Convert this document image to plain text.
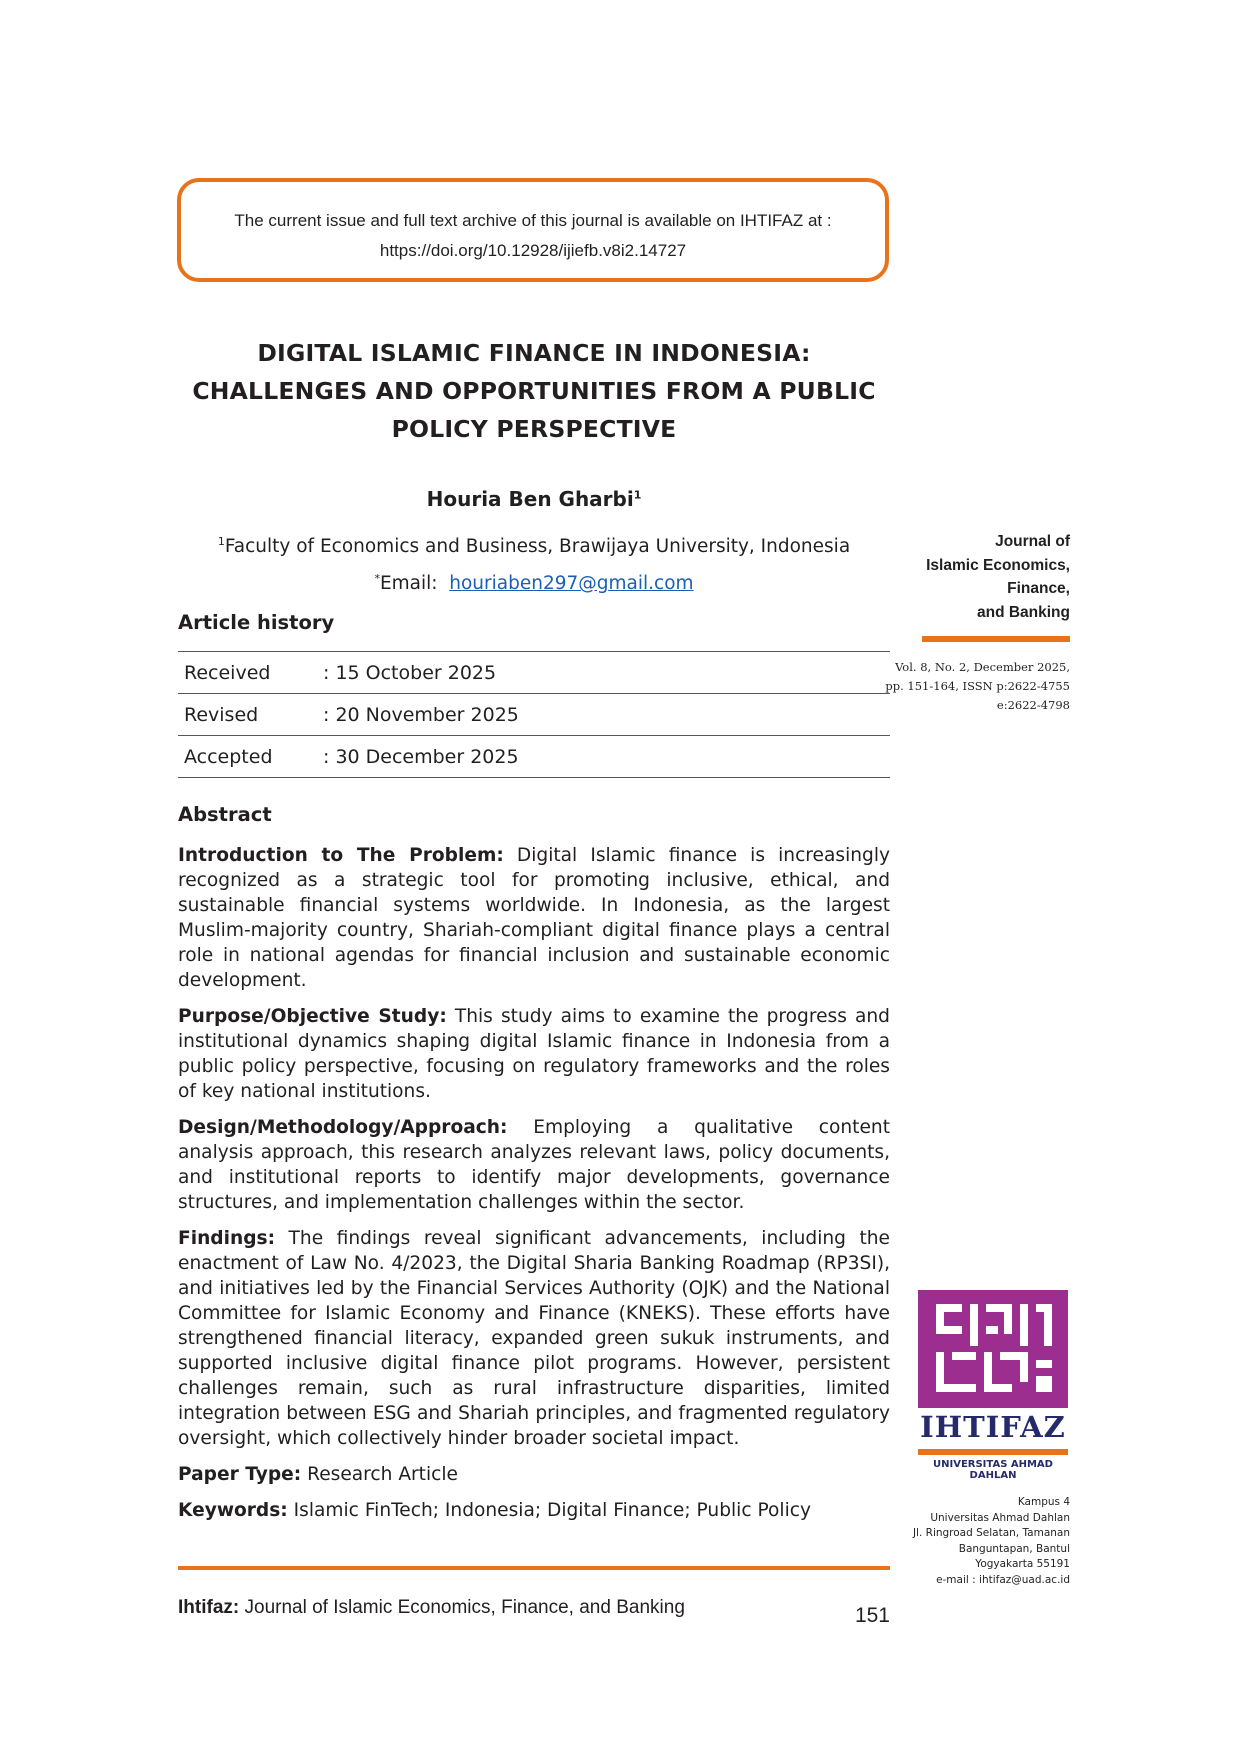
The current issue and full text archive of this journal is available on IHTIFAZ at :
https://doi.org/10.12928/ijiefb.v8i2.14727
DIGITAL ISLAMIC FINANCE IN INDONESIA:
CHALLENGES AND OPPORTUNITIES FROM A PUBLIC
POLICY PERSPECTIVE
Houria Ben Gharbi$^1$
$^1$Faculty of Economics and Business, Brawijaya University, Indonesia
*Email: houriaben297@gmail.com
Article history
Received	: 15 October 2025
Revised	: 20 November 2025
Accepted	: 30 December 2025
Abstract

Introduction to The Problem: Digital Islamic finance is increasingly recognized as a strategic tool for promoting inclusive, ethical, and sustainable financial systems worldwide. In Indonesia, as the largest Muslim-majority country, Shariah-compliant digital finance plays a central role in national agendas for financial inclusion and sustainable economic development.

Purpose/Objective Study: This study aims to examine the progress and institutional dynamics shaping digital Islamic finance in Indonesia from a public policy perspective, focusing on regulatory frameworks and the roles of key national institutions.

Design/Methodology/Approach: Employing a qualitative content analysis approach, this research analyzes relevant laws, policy documents, and institutional reports to identify major developments, governance structures, and implementation challenges within the sector.

Findings: The findings reveal significant advancements, including the enactment of Law No. 4/2023, the Digital Sharia Banking Roadmap (RP3SI), and initiatives led by the Financial Services Authority (OJK) and the National Committee for Islamic Economy and Finance (KNEKS). These efforts have strengthened financial literacy, expanded green sukuk instruments, and supported inclusive digital finance pilot programs. However, persistent challenges remain, such as rural infrastructure disparities, limited integration between ESG and Shariah principles, and fragmented regulatory oversight, which collectively hinder broader societal impact.

Paper Type: Research Article

Keywords: Islamic FinTech; Indonesia; Digital Finance; Public Policy

Ihtifaz: Journal of Islamic Economics, Finance, and Banking	151
Journal of
Islamic Economics,
Finance,
and Banking
Vol. 8, No. 2, December 2025,
pp. 151-164, ISSN p:2622-4755
e:2622-4798
IHTIFAZ
UNIVERSITAS AHMAD DAHLAN
Kampus 4
Universitas Ahmad Dahlan
Jl. Ringroad Selatan, Tamanan
Banguntapan, Bantul
Yogyakarta 55191
e-mail : ihtifaz@uad.ac.id
